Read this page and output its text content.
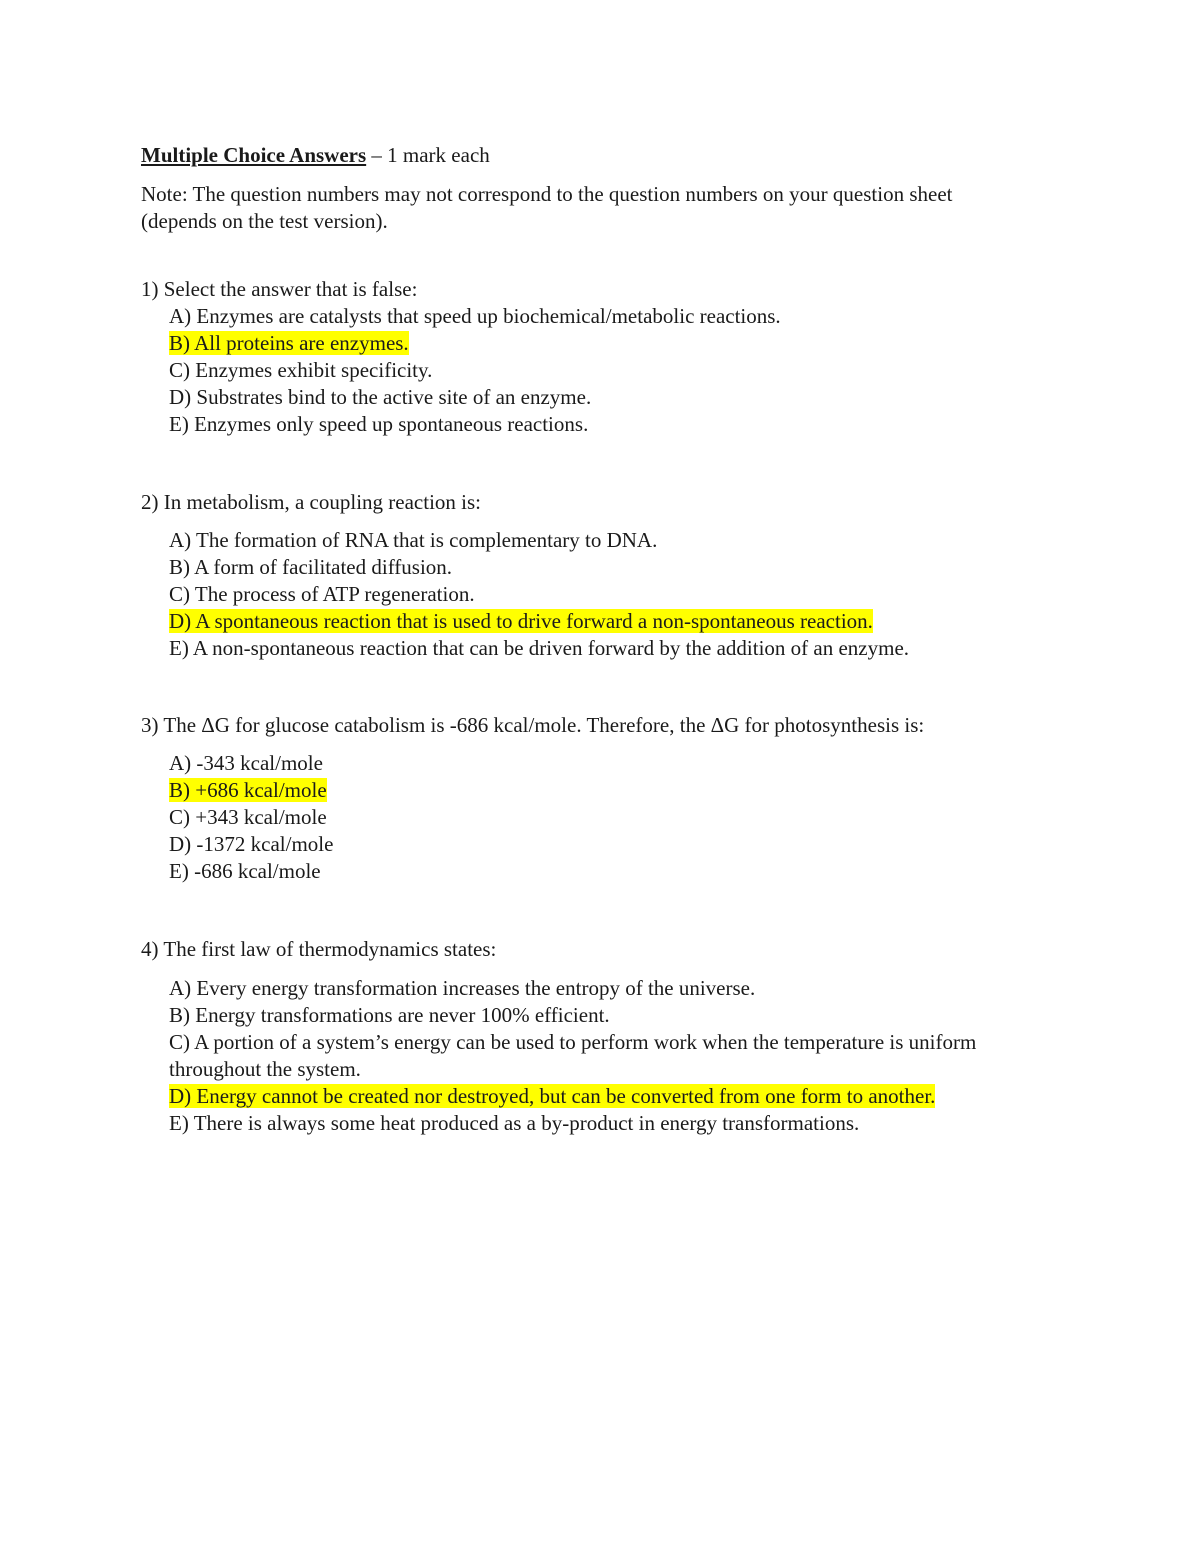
Multiple Choice Answers – 1 mark each

Note: The question numbers may not correspond to the question numbers on your question sheet (depends on the test version).

1) Select the answer that is false:

A) Enzymes are catalysts that speed up biochemical/metabolic reactions.
B) All proteins are enzymes.
C) Enzymes exhibit specificity.
D) Substrates bind to the active site of an enzyme.
E) Enzymes only speed up spontaneous reactions.

2) In metabolism, a coupling reaction is:

A) The formation of RNA that is complementary to DNA.
B) A form of facilitated diffusion.
C) The process of ATP regeneration.
D) A spontaneous reaction that is used to drive forward a non-spontaneous reaction.
E) A non-spontaneous reaction that can be driven forward by the addition of an enzyme.

3) The ΔG for glucose catabolism is -686 kcal/mole. Therefore, the ΔG for photosynthesis is:

A) -343 kcal/mole
B) +686 kcal/mole
C) +343 kcal/mole
D) -1372 kcal/mole
E) -686 kcal/mole

4) The first law of thermodynamics states:

A) Every energy transformation increases the entropy of the universe.
B) Energy transformations are never 100% efficient.
C) A portion of a system’s energy can be used to perform work when the temperature is uniform throughout the system.
D) Energy cannot be created nor destroyed, but can be converted from one form to another.
E) There is always some heat produced as a by-product in energy transformations.
